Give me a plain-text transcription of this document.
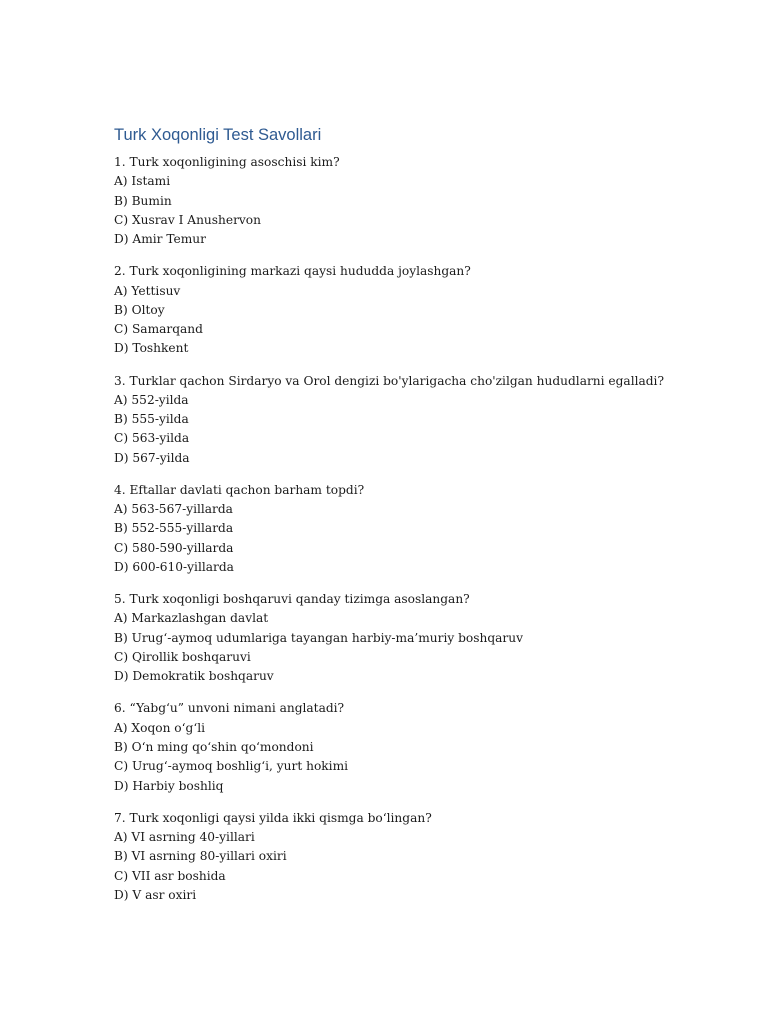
Turk Xoqonligi Test Savollari
1. Turk xoqonligining asoschisi kim?
A) Istami
B) Bumin
C) Xusrav I Anushervon
D) Amir Temur
2. Turk xoqonligining markazi qaysi hududda joylashgan?
A) Yettisuv
B) Oltoy
C) Samarqand
D) Toshkent
3. Turklar qachon Sirdaryo va Orol dengizi bo'ylarigacha cho'zilgan hududlarni egalladi?
A) 552-yilda
B) 555-yilda
C) 563-yilda
D) 567-yilda
4. Eftallar davlati qachon barham topdi?
A) 563-567-yillarda
B) 552-555-yillarda
C) 580-590-yillarda
D) 600-610-yillarda
5. Turk xoqonligi boshqaruvi qanday tizimga asoslangan?
A) Markazlashgan davlat
B) Urug‘-aymoq udumlariga tayangan harbiy-ma’muriy boshqaruv
C) Qirollik boshqaruvi
D) Demokratik boshqaruv
6. “Yabg‘u” unvoni nimani anglatadi?
A) Xoqon o‘g‘li
B) O‘n ming qo‘shin qo‘mondoni
C) Urug‘-aymoq boshlig‘i, yurt hokimi
D) Harbiy boshliq
7. Turk xoqonligi qaysi yilda ikki qismga bo‘lingan?
A) VI asrning 40-yillari
B) VI asrning 80-yillari oxiri
C) VII asr boshida
D) V asr oxiri
